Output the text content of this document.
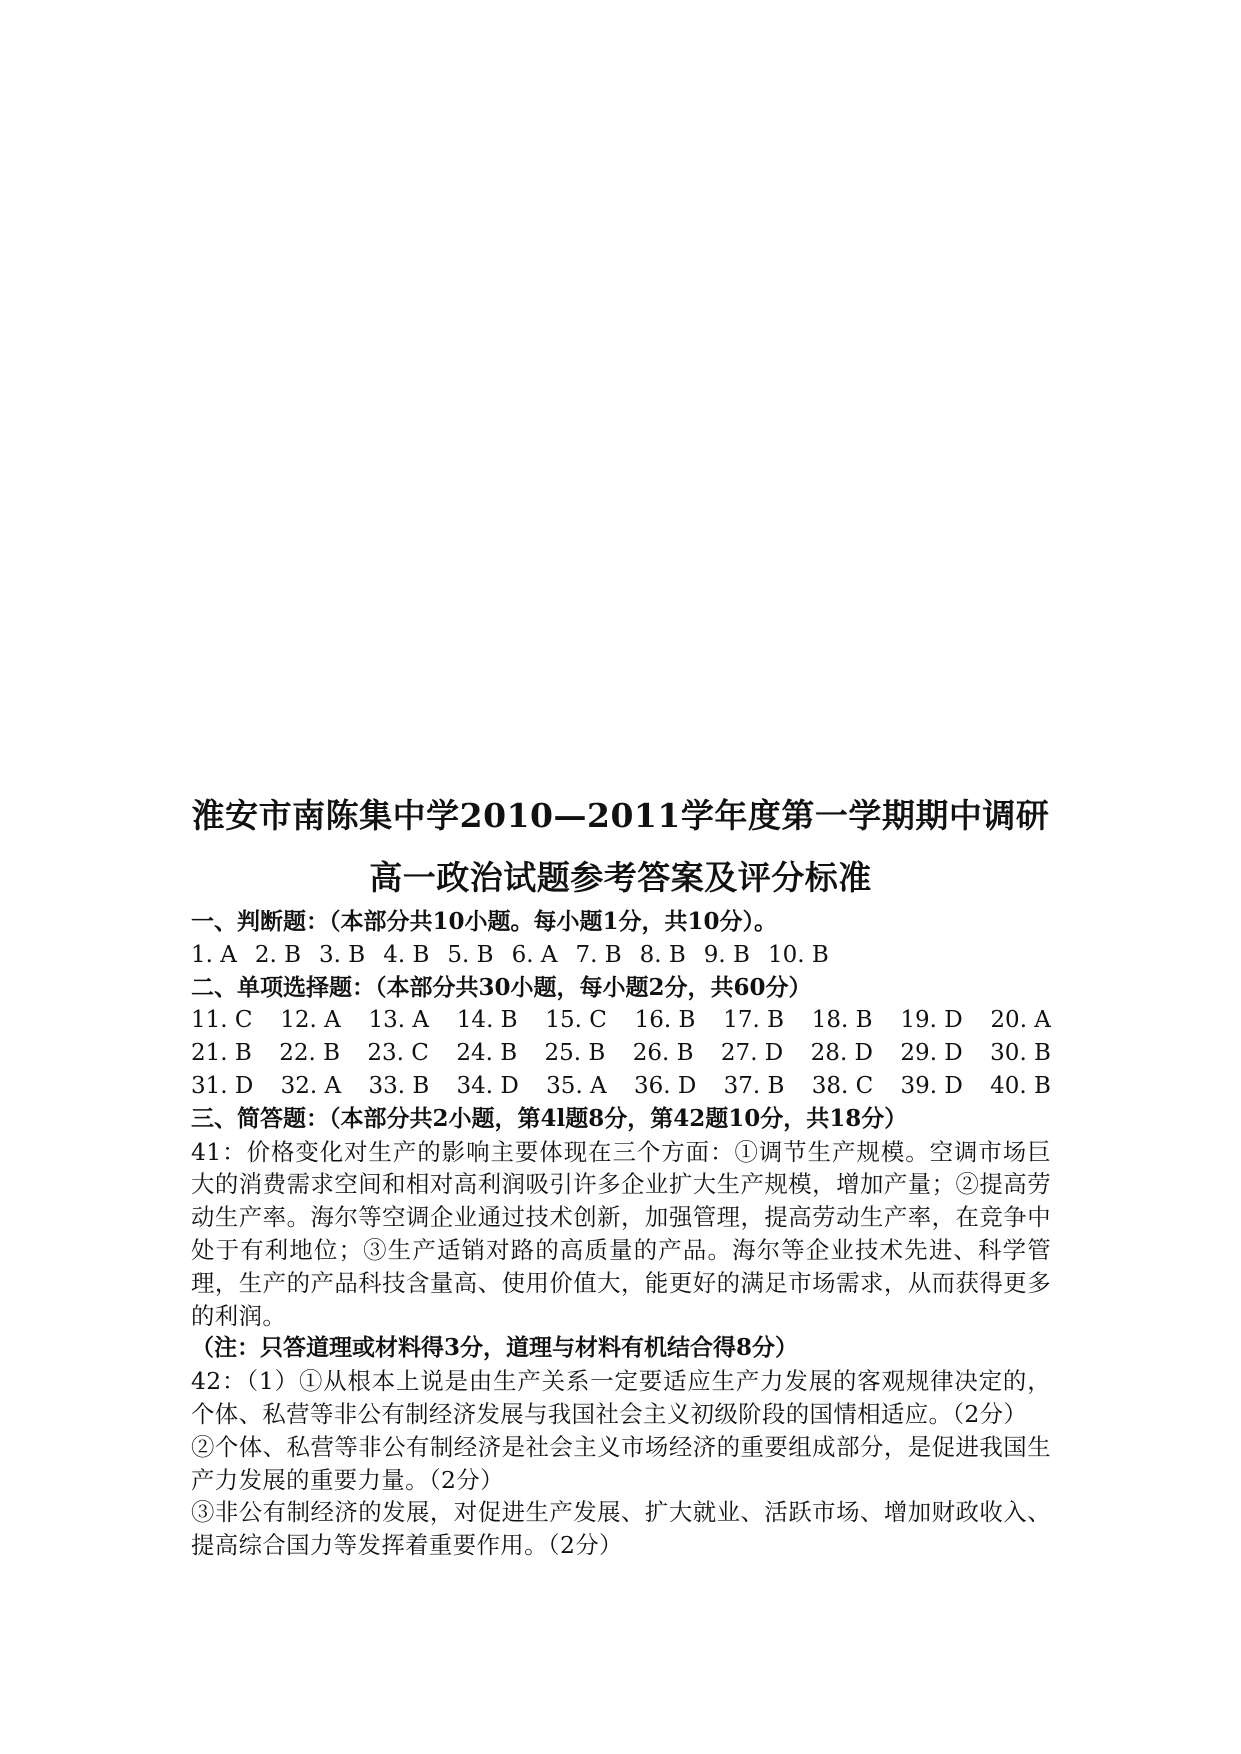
淮安市南陈集中学2010—2011学年度第一学期期中调研
高一政治试题参考答案及评分标准
一、判断题：（本部分共10小题。每小题1分，共10分）。
1. A 2. B 3. B 4. B 5. B 6. A 7. B 8. B 9. B 10. B
二、单项选择题：（本部分共30小题，每小题2分，共60分）
11. C 12. A 13. A 14. B 15. C 16. B 17. B 18. B 19. D 20. A
21. B 22. B 23. C 24. B 25. B 26. B 27. D 28. D 29. D 30. B
31. D 32. A 33. B 34. D 35. A 36. D 37. B 38. C 39. D 40. B
三、简答题：（本部分共2小题，第4l题8分，第42题10分，共18分）
41：价格变化对生产的影响主要体现在三个方面：①调节生产规模。空调市场巨大的消费需求空间和相对高利润吸引许多企业扩大生产规模，增加产量；②提高劳动生产率。海尔等空调企业通过技术创新，加强管理，提高劳动生产率，在竞争中处于有利地位；③生产适销对路的高质量的产品。海尔等企业技术先进、科学管理，生产的产品科技含量高、使用价值大，能更好的满足市场需求，从而获得更多的利润。
（注：只答道理或材料得3分，道理与材料有机结合得8分）
42：（1）①从根本上说是由生产关系一定要适应生产力发展的客观规律决定的，个体、私营等非公有制经济发展与我国社会主义初级阶段的国情相适应。（2分）
②个体、私营等非公有制经济是社会主义市场经济的重要组成部分，是促进我国生产力发展的重要力量。（2分）
③非公有制经济的发展，对促进生产发展、扩大就业、活跃市场、增加财政收入、提高综合国力等发挥着重要作用。（2分）
